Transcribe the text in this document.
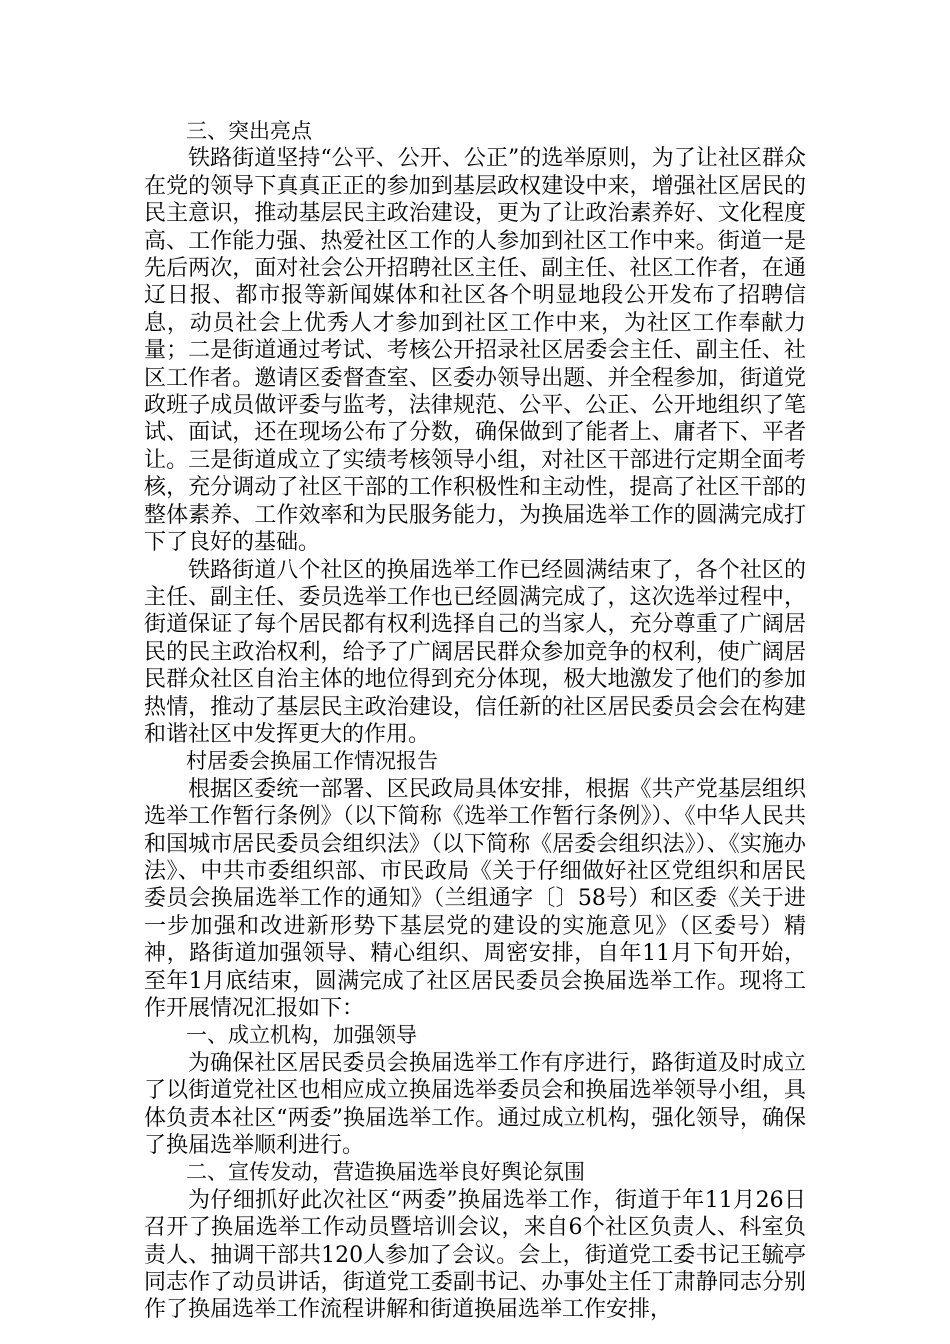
三、突出亮点

铁路街道坚持“公平、公开、公正”的选举原则，为了让社区群众在党的领导下真真正正的参加到基层政权建设中来，增强社区居民的民主意识，推动基层民主政治建设，更为了让政治素养好、文化程度高、工作能力强、热爱社区工作的人参加到社区工作中来。街道一是先后两次，面对社会公开招聘社区主任、副主任、社区工作者，在通辽日报、都市报等新闻媒体和社区各个明显地段公开发布了招聘信息，动员社会上优秀人才参加到社区工作中来，为社区工作奉献力量；二是街道通过考试、考核公开招录社区居委会主任、副主任、社区工作者。邀请区委督查室、区委办领导出题、并全程参加，街道党政班子成员做评委与监考，法律规范、公平、公正、公开地组织了笔试、面试，还在现场公布了分数，确保做到了能者上、庸者下、平者让。三是街道成立了实绩考核领导小组，对社区干部进行定期全面考核，充分调动了社区干部的工作积极性和主动性，提高了社区干部的整体素养、工作效率和为民服务能力，为换届选举工作的圆满完成打下了良好的基础。

铁路街道八个社区的换届选举工作已经圆满结束了，各个社区的主任、副主任、委员选举工作也已经圆满完成了，这次选举过程中，街道保证了每个居民都有权利选择自己的当家人，充分尊重了广阔居民的民主政治权利，给予了广阔居民群众参加竞争的权利，使广阔居民群众社区自治主体的地位得到充分体现，极大地激发了他们的参加热情，推动了基层民主政治建设，信任新的社区居民委员会会在构建和谐社区中发挥更大的作用。

村居委会换届工作情况报告

根据区委统一部署、区民政局具体安排，根据《共产党基层组织选举工作暂行条例》（以下简称《选举工作暂行条例》）、《中华人民共和国城市居民委员会组织法》（以下简称《居委会组织法》）、《实施办法》、中共市委组织部、市民政局《关于仔细做好社区党组织和居民委员会换届选举工作的通知》（兰组通字〔〕58号）和区委《关于进一步加强和改进新形势下基层党的建设的实施意见》（区委号）精神，路街道加强领导、精心组织、周密安排，自年11月下旬开始，至年1月底结束，圆满完成了社区居民委员会换届选举工作。现将工作开展情况汇报如下：

一、成立机构，加强领导

为确保社区居民委员会换届选举工作有序进行，路街道及时成立了以街道党社区也相应成立换届选举委员会和换届选举领导小组，具体负责本社区“两委”换届选举工作。通过成立机构，强化领导，确保了换届选举顺利进行。

二、宣传发动，营造换届选举良好舆论氛围

为仔细抓好此次社区“两委”换届选举工作，街道于年11月26日召开了换届选举工作动员暨培训会议，来自6个社区负责人、科室负责人、抽调干部共120人参加了会议。会上，街道党工委书记王毓亭同志作了动员讲话，街道党工委副书记、办事处主任丁肃静同志分别作了换届选举工作流程讲解和街道换届选举工作安排，
